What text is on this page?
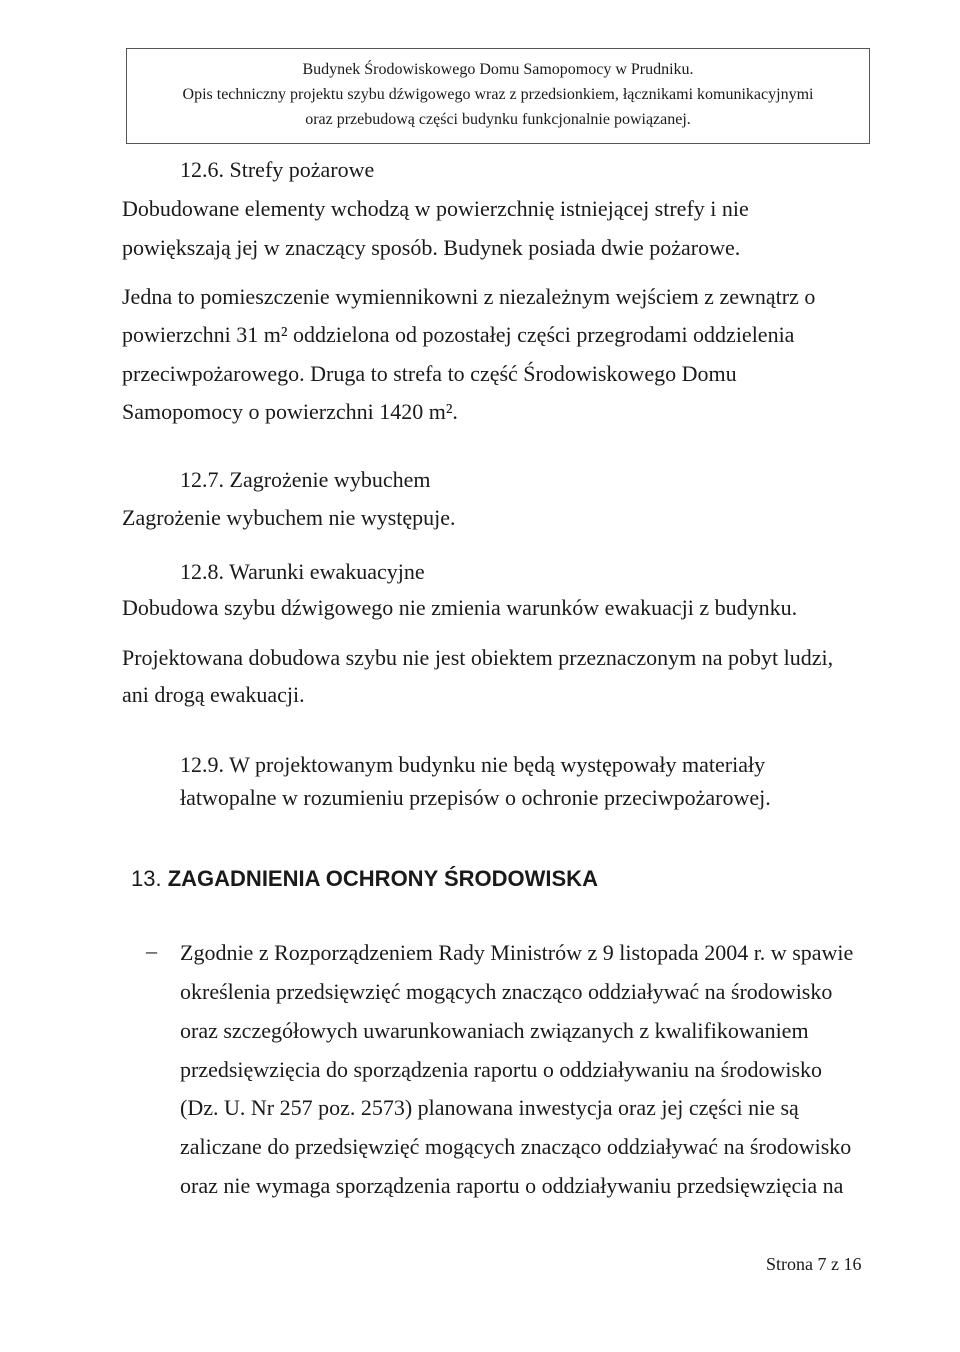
Budynek Środowiskowego Domu Samopomocy w Prudniku.
Opis techniczny projektu szybu dźwigowego wraz z przedsionkiem, łącznikami komunikacyjnymi
oraz przebudową części budynku funkcjonalnie powiązanej.
12.6. Strefy pożarowe
Dobudowane elementy wchodzą w powierzchnię istniejącej strefy i nie
powiększają jej w znaczący sposób. Budynek posiada dwie pożarowe.
Jedna to pomieszczenie wymiennikowni z niezależnym wejściem z zewnątrz o
powierzchni 31 m² oddzielona od pozostałej części przegrodami oddzielenia
przeciwpożarowego. Druga to strefa to część Środowiskowego Domu
Samopomocy o powierzchni 1420 m².
12.7. Zagrożenie wybuchem
Zagrożenie wybuchem nie występuje.
12.8. Warunki ewakuacyjne
Dobudowa szybu dźwigowego nie zmienia warunków ewakuacji z budynku.
Projektowana dobudowa szybu nie jest obiektem przeznaczonym na pobyt ludzi,
ani drogą ewakuacji.
12.9. W projektowanym budynku nie będą występowały materiały
łatwopalne w rozumieniu przepisów o ochronie przeciwpożarowej.
13. ZAGADNIENIA OCHRONY ŚRODOWISKA
– Zgodnie z Rozporządzeniem Rady Ministrów z 9 listopada 2004 r. w spawie
określenia przedsięwzięć mogących znacząco oddziaływać na środowisko
oraz szczegółowych uwarunkowaniach związanych z kwalifikowaniem
przedsięwzięcia do sporządzenia raportu o oddziaływaniu na środowisko
(Dz. U. Nr 257 poz. 2573) planowana inwestycja oraz jej części nie są
zaliczane do przedsięwzięć mogących znacząco oddziaływać na środowisko
oraz nie wymaga sporządzenia raportu o oddziaływaniu przedsięwzięcia na
Strona 7 z 16
